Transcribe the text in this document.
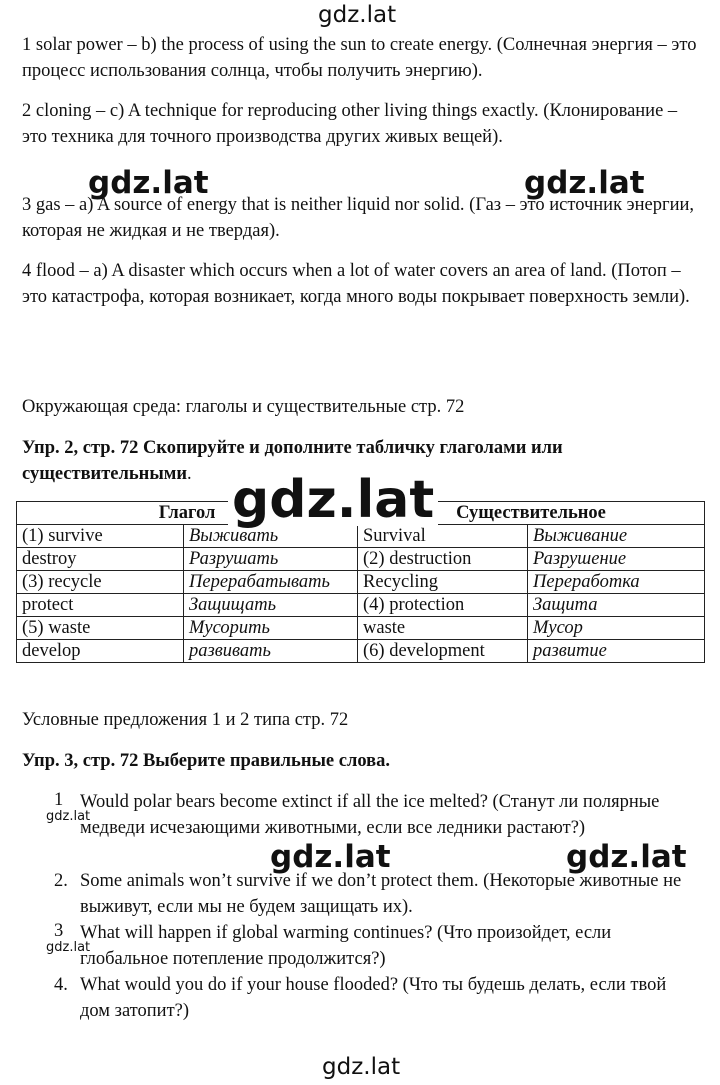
gdz.lat

1 solar power – b) the process of using the sun to create energy. (Солнечная энергия – это процесс использования солнца, чтобы получить энергию).

2 cloning – c) A technique for reproducing other living things exactly. (Клонирование – это техника для точного производства других живых вещей).

3 gas – a) A source of energy that is neither liquid nor solid. (Газ – это источник энергии, которая не жидкая и не твердая).

4 flood – a) A disaster which occurs when a lot of water covers an area of land. (Потоп – это катастрофа, которая возникает, когда много воды покрывает поверхность земли).

gdz.lat	gdz.lat

Окружающая среда: глаголы и существительные стр. 72

Упр. 2, стр. 72 Скопируйте и дополните табличку глаголами или существительными.

Глагол		Существительное	
(1) survive	Выживать	Survival	Выживание
destroy	Разрушать	(2) destruction	Разрушение
(3) recycle	Перерабатывать	Recycling	Переработка
protect	Защищать	(4) protection	Защита
(5) waste	Мусорить	waste	Мусор
develop	развивать	(6) development	развитие
gdz.lat

Условные предложения 1 и 2 типа стр. 72

Упр. 3, стр. 72 Выберите правильные слова.

1 Would polar bears become extinct if all the ice melted? (Станут ли полярные медведи исчезающими животными, если все ледники растают?)

gdz.lat
gdz.lat	gdz.lat
2. Some animals won’t survive if we don’t protect them. (Некоторые животные не выживут, если мы не будем защищать их).

3 What will happen if global warming continues? (Что произойдет, если глобальное потепление продолжится?)

gdz.lat
4. What would you do if your house flooded? (Что ты будешь делать, если твой дом затопит?)

gdz.lat
